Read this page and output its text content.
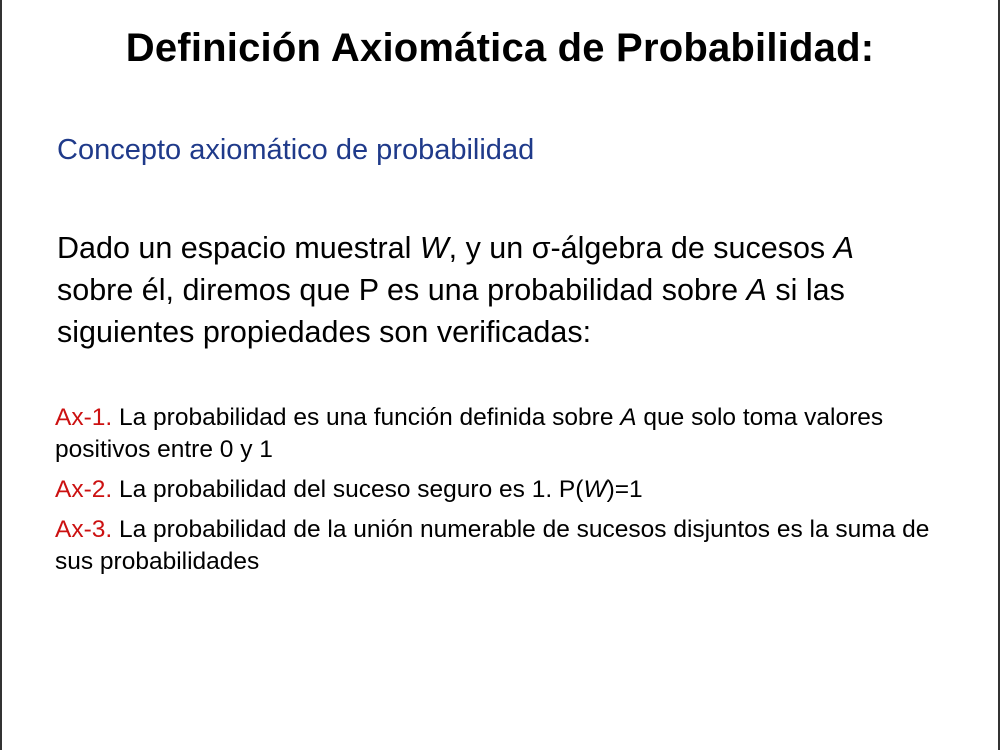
Definición Axiomática de Probabilidad:
Concepto axiomático de probabilidad
Dado un espacio muestral W, y un σ-álgebra de sucesos A sobre él, diremos que P es una probabilidad sobre A si las siguientes propiedades son verificadas:
Ax-1. La probabilidad es una función definida sobre A que solo toma valores positivos entre 0 y 1
Ax-2. La probabilidad del suceso seguro es 1. P(W)=1
Ax-3. La probabilidad de la unión numerable de sucesos disjuntos es la suma de sus probabilidades
